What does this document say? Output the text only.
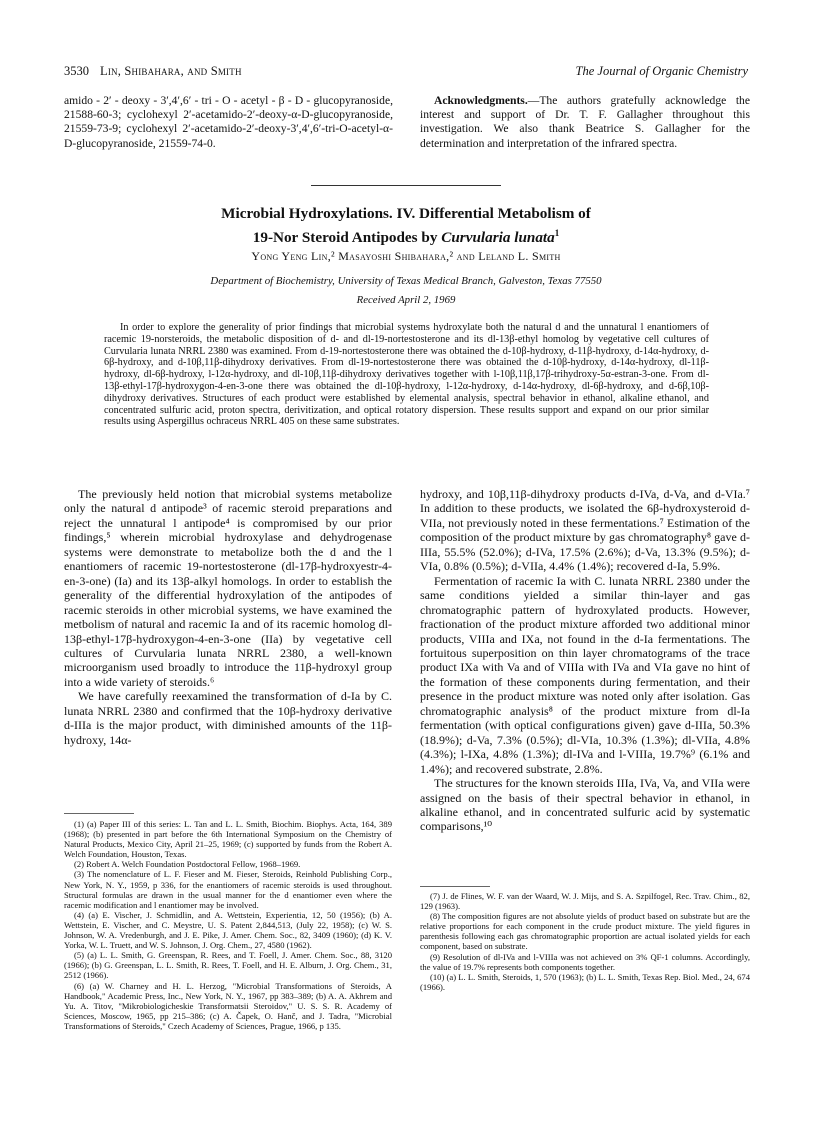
3530 Lin, Shibahara, and Smith	The Journal of Organic Chemistry

amido - 2′ - deoxy - 3′,4′,6′ - tri - O - acetyl - β - D - glucopyranoside, 21588-60-3; cyclohexyl 2′-acetamido-2′-deoxy-α-D-glucopyranoside, 21559-73-9; cyclohexyl 2′-acetamido-2′-deoxy-3′,4′,6′-tri-O-acetyl-α-D-glucopyranoside, 21559-74-0.

Acknowledgments.—The authors gratefully acknowledge the interest and support of Dr. T. F. Gallagher throughout this investigation. We also thank Beatrice S. Gallagher for the determination and interpretation of the infrared spectra.

Microbial Hydroxylations. IV. Differential Metabolism of
19-Nor Steroid Antipodes by Curvularia lunata$^1$
Yong Yeng Lin,² Masayoshi Shibahara,² and Leland L. Smith
Department of Biochemistry, University of Texas Medical Branch, Galveston, Texas 77550
Received April 2, 1969
In order to explore the generality of prior findings that microbial systems hydroxylate both the natural d and the unnatural l enantiomers of racemic 19-norsteroids, the metabolic disposition of d- and dl-19-nortestosterone and its dl-13β-ethyl homolog by vegetative cell cultures of Curvularia lunata NRRL 2380 was examined. From d-19-nortestosterone there was obtained the d-10β-hydroxy, d-11β-hydroxy, d-14α-hydroxy, d-6β-hydroxy, and d-10β,11β-dihydroxy derivatives. From dl-19-nortestosterone there was obtained the d-10β-hydroxy, d-14α-hydroxy, dl-11β-hydroxy, dl-6β-hydroxy, l-12α-hydroxy, and dl-10β,11β-dihydroxy derivatives together with l-10β,11β,17β-trihydroxy-5α-estran-3-one. From dl-13β-ethyl-17β-hydroxygon-4-en-3-one there was obtained the dl-10β-hydroxy, l-12α-hydroxy, d-14α-hydroxy, dl-6β-hydroxy, and d-6β,10β-dihydroxy derivatives. Structures of each product were established by elemental analysis, spectral behavior in ethanol, alkaline ethanol, and concentrated sulfuric acid, proton spectra, derivitization, and optical rotatory dispersion. These results support and expand on our prior similar results using Aspergillus ochraceus NRRL 405 on these same substrates.

The previously held notion that microbial systems metabolize only the natural d antipode³ of racemic steroid preparations and reject the unnatural l antipode⁴ is compromised by our prior findings,⁵ wherein microbial hydroxylase and dehydrogenase systems were demonstrate to metabolize both the d and the l enantiomers of racemic 19-nortestosterone (dl-17β-hydroxyestr-4-en-3-one) (Ia) and its 13β-alkyl homologs. In order to establish the generality of the differential hydroxylation of the antipodes of racemic steroids in other microbial systems, we have examined the metbolism of natural and racemic Ia and of its racemic homolog dl-13β-ethyl-17β-hydroxygon-4-en-3-one (IIa) by vegetative cell cultures of Curvularia lunata NRRL 2380, a well-known microorganism used broadly to introduce the 11β-hydroxyl group into a wide variety of steroids.⁶

We have carefully reexamined the transformation of d-Ia by C. lunata NRRL 2380 and confirmed that the 10β-hydroxy derivative d-IIIa is the major product, with diminished amounts of the 11β-hydroxy, 14α-

hydroxy, and 10β,11β-dihydroxy products d-IVa, d-Va, and d-VIa.⁷ In addition to these products, we isolated the 6β-hydroxysteroid d-VIIa, not previously noted in these fermentations.⁷ Estimation of the composition of the product mixture by gas chromatography⁸ gave d-IIIa, 55.5% (52.0%); d-IVa, 17.5% (2.6%); d-Va, 13.3% (9.5%); d-VIa, 0.8% (0.5%); d-VIIa, 4.4% (1.4%); recovered d-Ia, 5.9%.

Fermentation of racemic Ia with C. lunata NRRL 2380 under the same conditions yielded a similar thin-layer and gas chromatographic pattern of hydroxylated products. However, fractionation of the product mixture afforded two additional minor products, VIIIa and IXa, not found in the d-Ia fermentations. The fortuitous superposition on thin layer chromatograms of the trace product IXa with Va and of VIIIa with IVa and VIa gave no hint of the formation of these components during fermentation, and their presence in the product mixture was noted only after isolation. Gas chromatographic analysis⁸ of the product mixture from dl-Ia fermentation (with optical configurations given) gave d-IIIa, 50.3% (18.9%); d-Va, 7.3% (0.5%); dl-VIa, 10.3% (1.3%); dl-VIIa, 4.8% (4.3%); l-IXa, 4.8% (1.3%); dl-IVa and l-VIIIa, 19.7%⁹ (6.1% and 1.4%); and recovered substrate, 2.8%.

The structures for the known steroids IIIa, IVa, Va, and VIIa were assigned on the basis of their spectral behavior in ethanol, in alkaline ethanol, and in concentrated sulfuric acid by systematic comparisons,¹⁰

(1) (a) Paper III of this series: L. Tan and L. L. Smith, Biochim. Biophys. Acta, 164, 389 (1968); (b) presented in part before the 6th International Symposium on the Chemistry of Natural Products, Mexico City, April 21–25, 1969; (c) supported by funds from the Robert A. Welch Foundation, Houston, Texas.

(2) Robert A. Welch Foundation Postdoctoral Fellow, 1968–1969.

(3) The nomenclature of L. F. Fieser and M. Fieser, Steroids, Reinhold Publishing Corp., New York, N. Y., 1959, p 336, for the enantiomers of racemic steroids is used throughout. Structural formulas are drawn in the usual manner for the d enantiomer even where the racemic modification and l enantiomer may be involved.

(4) (a) E. Vischer, J. Schmidlin, and A. Wettstein, Experientia, 12, 50 (1956); (b) A. Wettstein, E. Vischer, and C. Meystre, U. S. Patent 2,844,513, (July 22, 1958); (c) W. S. Johnson, W. A. Vredenburgh, and J. E. Pike, J. Amer. Chem. Soc., 82, 3409 (1960); (d) K. V. Yorka, W. L. Truett, and W. S. Johnson, J. Org. Chem., 27, 4580 (1962).

(5) (a) L. L. Smith, G. Greenspan, R. Rees, and T. Foell, J. Amer. Chem. Soc., 88, 3120 (1966); (b) G. Greenspan, L. L. Smith, R. Rees, T. Foell, and H. E. Alburn, J. Org. Chem., 31, 2512 (1966).

(6) (a) W. Charney and H. L. Herzog, "Microbial Transformations of Steroids, A Handbook," Academic Press, Inc., New York, N. Y., 1967, pp 383–389; (b) A. A. Akhrem and Yu. A. Titov, "Mikrobiologicheskie Transformatsii Steroidov," U. S. S. R. Academy of Sciences, Moscow, 1965, pp 215–386; (c) A. Čapek, O. Hanč, and J. Tadra, "Microbial Transformations of Steroids," Czech Academy of Sciences, Prague, 1966, p 135.

(7) J. de Flines, W. F. van der Waard, W. J. Mijs, and S. A. Szpilfogel, Rec. Trav. Chim., 82, 129 (1963).

(8) The composition figures are not absolute yields of product based on substrate but are the relative proportions for each component in the crude product mixture. The yield figures in parenthesis following each gas chromatographic proportion are actual isolated yields for each component, based on substrate.

(9) Resolution of dl-IVa and l-VIIIa was not achieved on 3% QF-1 columns. Accordingly, the value of 19.7% represents both components together.

(10) (a) L. L. Smith, Steroids, 1, 570 (1963); (b) L. L. Smith, Texas Rep. Biol. Med., 24, 674 (1966).
